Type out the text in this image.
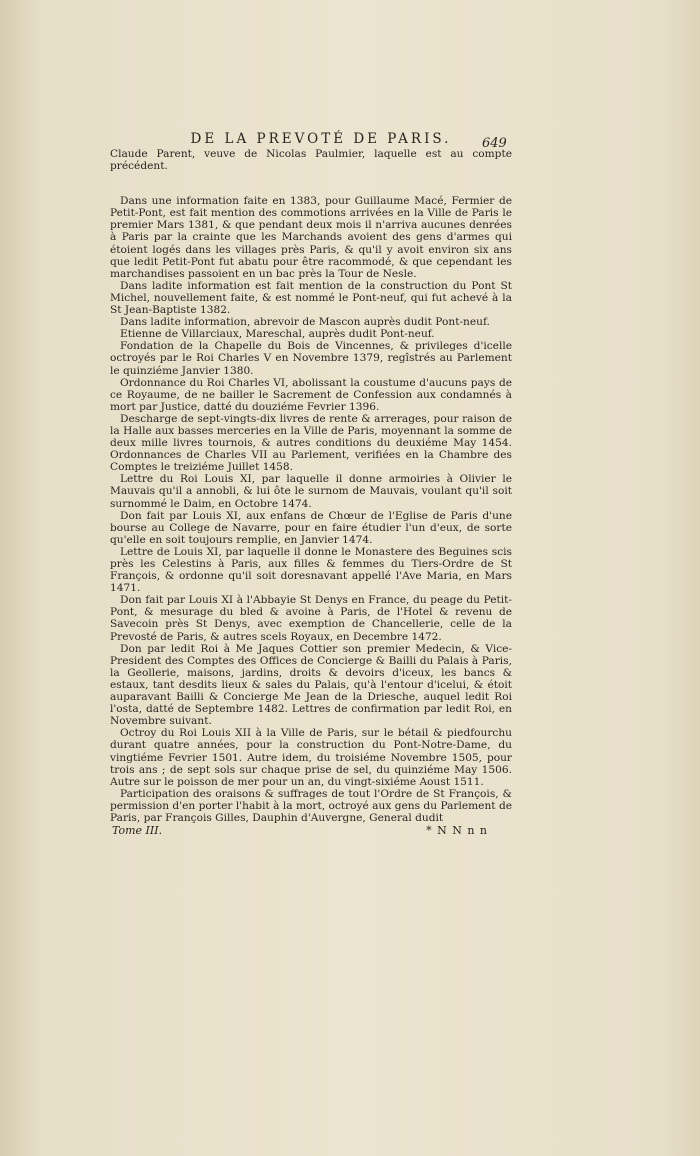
649
DE LA PREVOTÉ DE PARIS.

Claude Parent, veuve de Nicolas Paulmier, laquelle est au compte précédent.

Dans une information faite en 1383, pour Guillaume Macé, Fermier de Petit-Pont, est fait mention des commotions arrivées en la Ville de Paris le premier Mars 1381, & que pendant deux mois il n'arriva aucunes denrées à Paris par la crainte que les Marchands avoient des gens d'armes qui étoient logés dans les villages près Paris, & qu'il y avoit environ six ans que ledit Petit-Pont fut abatu pour être racommodé, & que cependant les marchandises passoient en un bac près la Tour de Nesle.

Dans ladite information est fait mention de la construction du Pont St Michel, nouvellement faite, & est nommé le Pont-neuf, qui fut achevé à la St Jean-Baptiste 1382.

Dans ladite information, abrevoir de Mascon auprès dudit Pont-neuf.

Etienne de Villarciaux, Mareschal, auprès dudit Pont-neuf.

Fondation de la Chapelle du Bois de Vincennes, & privileges d'icelle octroyés par le Roi Charles V en Novembre 1379, regîstrés au Parlement le quinziéme Janvier 1380.

Ordonnance du Roi Charles VI, abolissant la coustume d'aucuns pays de ce Royaume, de ne bailler le Sacrement de Confession aux condamnés à mort par Justice, datté du douziéme Fevrier 1396.

Descharge de sept-vingts-dix livres de rente & arrerages, pour raison de la Halle aux basses merceries en la Ville de Paris, moyennant la somme de deux mille livres tournois, & autres conditions du deuxiéme May 1454. Ordonnances de Charles VII au Parlement, verifiées en la Chambre des Comptes le treiziéme Juillet 1458.

Lettre du Roi Louis XI, par laquelle il donne armoiries à Olivier le Mauvais qu'il a annobli, & lui ôte le surnom de Mauvais, voulant qu'il soit surnommé le Daim, en Octobre 1474.

Don fait par Louis XI, aux enfans de Chœur de l'Eglise de Paris d'une bourse au College de Navarre, pour en faire étudier l'un d'eux, de sorte qu'elle en soit toujours remplie, en Janvier 1474.

Lettre de Louis XI, par laquelle il donne le Monastere des Beguines scis près les Celestins à Paris, aux filles & femmes du Tiers-Ordre de St François, & ordonne qu'il soit doresnavant appellé l'Ave Maria, en Mars 1471.

Don fait par Louis XI à l'Abbayie St Denys en France, du peage du Petit-Pont, & mesurage du bled & avoine à Paris, de l'Hotel & revenu de Savecoin près St Denys, avec exemption de Chancellerie, celle de la Prevosté de Paris, & autres scels Royaux, en Decembre 1472.

Don par ledit Roi à Me Jaques Cottier son premier Medecin, & Vice-President des Comptes des Offices de Concierge & Bailli du Palais à Paris, la Geollerie, maisons, jardins, droits & devoirs d'iceux, les bancs & estaux, tant desdits lieux & sales du Palais, qu'à l'entour d'icelui, & étoit auparavant Bailli & Concierge Me Jean de la Driesche, auquel ledit Roi l'osta, datté de Septembre 1482. Lettres de confirmation par ledit Roi, en Novembre suivant.

Octroy du Roi Louis XII à la Ville de Paris, sur le bétail & piedfourchu durant quatre années, pour la construction du Pont-Notre-Dame, du vingtiéme Fevrier 1501. Autre idem, du troisiéme Novembre 1505, pour trois ans ; de sept sols sur chaque prise de sel, du quinziéme May 1506. Autre sur le poisson de mer pour un an, du vingt-sixiéme Aoust 1511.

Participation des oraisons & suffrages de tout l'Ordre de St François, & permission d'en porter l'habit à la mort, octroyé aux gens du Parlement de Paris, par François Gilles, Dauphin d'Auvergne, General dudit

Tome III.	* N N n n
